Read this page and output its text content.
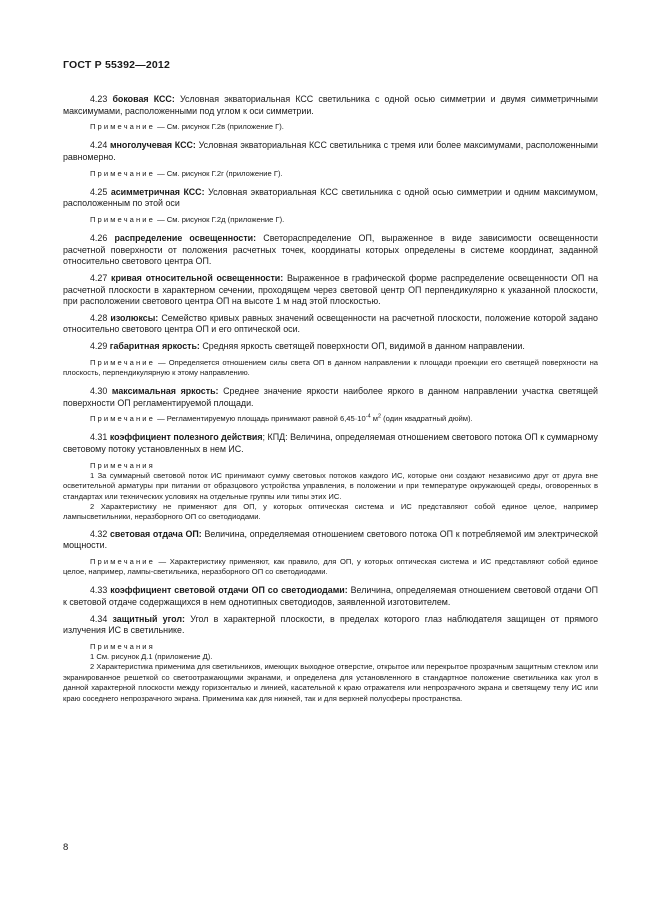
ГОСТ Р 55392—2012

4.23 боковая КСС: Условная экваториальная КСС светильника с одной осью симметрии и двумя симметричными максимумами, расположенными под углом к оси симметрии.

Примечание — См. рисунок Г.2в (приложение Г).

4.24 многолучевая КСС: Условная экваториальная КСС светильника с тремя или более максимумами, расположенными равномерно.

Примечание — См. рисунок Г.2г (приложение Г).

4.25 асимметричная КСС: Условная экваториальная КСС светильника с одной осью симметрии и одним максимумом, расположенным по этой оси

Примечание — См. рисунок Г.2д (приложение Г).

4.26 распределение освещенности: Светораспределение ОП, выраженное в виде зависимости освещенности расчетной поверхности от положения расчетных точек, координаты которых определены в системе координат, заданной относительно светового центра ОП.

4.27 кривая относительной освещенности: Выраженное в графической форме распределение освещенности ОП на расчетной плоскости в характерном сечении, проходящем через световой центр ОП перпендикулярно к указанной плоскости, при расположении светового центра ОП на высоте 1 м над этой плоскостью.

4.28 изолюксы: Семейство кривых равных значений освещенности на расчетной плоскости, положение которой задано относительно светового центра ОП и его оптической оси.

4.29 габаритная яркость: Средняя яркость светящей поверхности ОП, видимой в данном направлении.

Примечание — Определяется отношением силы света ОП в данном направлении к площади проекции его светящей поверхности на плоскость, перпендикулярную к этому направлению.

4.30 максимальная яркость: Среднее значение яркости наиболее яркого в данном направлении участка светящей поверхности ОП регламентируемой площади.

Примечание — Регламентируемую площадь принимают равной $6,45\cdot 10^{-4}$ $м^2$ (один квадратный дюйм).

4.31 коэффициент полезного действия; КПД: Величина, определяемая отношением светового потока ОП к суммарному световому потоку установленных в нем ИС.

Примечания

1 За суммарный световой поток ИС принимают сумму световых потоков каждого ИС, которые они создают независимо друг от друга вне осветительной арматуры при питании от образцового устройства управления, в положении и при температуре окружающей среды, оговоренных в стандартах или технических условиях на отдельные группы или типы этих ИС.

2 Характеристику не применяют для ОП, у которых оптическая система и ИС представляют собой единое целое, например лампысветильники, неразборного ОП со светодиодами.

4.32 световая отдача ОП: Величина, определяемая отношением светового потока ОП к потребляемой им электрической мощности.

Примечание — Характеристику применяют, как правило, для ОП, у которых оптическая система и ИС представляют собой единое целое, например, лампы-светильника, неразборного ОП со светодиодами.

4.33 коэффициент световой отдачи ОП со светодиодами: Величина, определяемая отношением световой отдачи ОП к световой отдаче содержащихся в нем однотипных светодиодов, заявленной изготовителем.

4.34 защитный угол: Угол в характерной плоскости, в пределах которого глаз наблюдателя защищен от прямого излучения ИС в светильнике.

Примечания

1 См. рисунок Д.1 (приложение Д).

2 Характеристика применима для светильников, имеющих выходное отверстие, открытое или перекрытое прозрачным защитным стеклом или экранированное решеткой со светоотражающими экранами, и определена для установленного в стандартное положение светильника как угол в данной характерной плоскости между горизонталью и линией, касательной к краю отражателя или непрозрачного экрана и светящему телу ИС или краю соседнего непрозрачного экрана. Применима как для нижней, так и для верхней полусферы пространства.

8
